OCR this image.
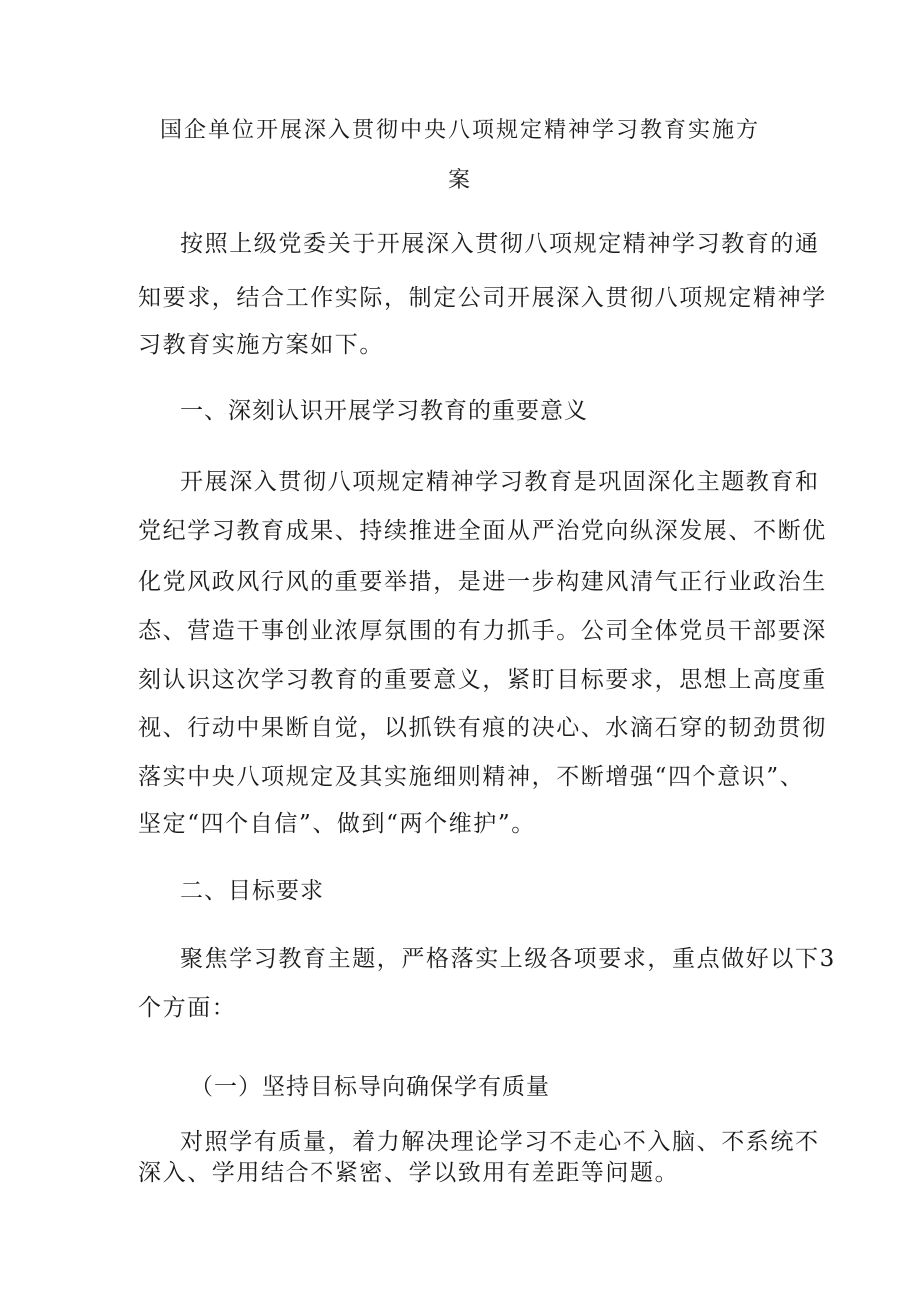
国企单位开展深入贯彻中央八项规定精神学习教育实施方
案
按照上级党委关于开展深入贯彻八项规定精神学习教育的通
知要求，结合工作实际，制定公司开展深入贯彻八项规定精神学
习教育实施方案如下。
一、深刻认识开展学习教育的重要意义
开展深入贯彻八项规定精神学习教育是巩固深化主题教育和
党纪学习教育成果、持续推进全面从严治党向纵深发展、不断优
化党风政风行风的重要举措，是进一步构建风清气正行业政治生
态、营造干事创业浓厚氛围的有力抓手。公司全体党员干部要深
刻认识这次学习教育的重要意义，紧盯目标要求，思想上高度重
视、行动中果断自觉，以抓铁有痕的决心、水滴石穿的韧劲贯彻
落实中央八项规定及其实施细则精神，不断增强“四个意识”、
坚定“四个自信”、做到“两个维护”。
二、目标要求
聚焦学习教育主题，严格落实上级各项要求，重点做好以下3
个方面：
（一）坚持目标导向确保学有质量
对照学有质量，着力解决理论学习不走心不入脑、不系统不
深入、学用结合不紧密、学以致用有差距等问题。
